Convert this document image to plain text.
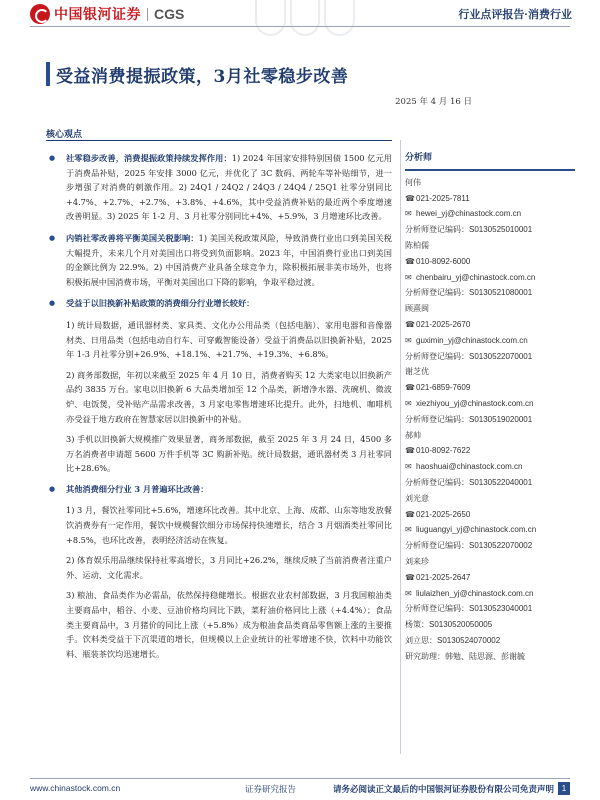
中国银河证券 CGS	行业点评报告·消费行业
受益消费提振政策，3月社零稳步改善
2025 年 4 月 16 日
核心观点
● 社零稳步改善，消费提振政策持续发挥作用：1) 2024 年国家安排特别国债 1500 亿元用于消费品补贴，2025 年安排 3000 亿元，并优化了 3C 数码、两轮车等补贴细节，进一步增强了对消费的刺激作用。2) 24Q1 / 24Q2 / 24Q3 / 24Q4 / 25Q1 社零分别同比+4.7%、+2.7%、+2.7%、+3.8%、+4.6%，其中受益消费补贴的最近两个季度增速改善明显。3) 2025 年 1-2 月、3 月社零分别同比+4%、+5.9%，3 月增速环比改善。
● 内销社零改善将平衡美国关税影响：1) 美国关税政策风险，导致消费行业出口到美国关税大幅提升，未来几个月对美国出口将受到负面影响。2023 年，中国消费行业出口到美国的金额比例为 22.9%。2) 中国消费产业具备全球竞争力，除积极拓展非美市场外，也将积极拓展中国消费市场，平衡对美国出口下降的影响，争取平稳过渡。
● 受益于以旧换新补贴政策的消费细分行业增长较好：
1) 统计局数据，通讯器材类、家具类、文化办公用品类（包括电脑）、家用电器和音像器材类、日用品类（包括电动自行车、可穿戴智能设备）受益于消费品以旧换新补贴，2025 年 1-3 月社零分别+26.9%、+18.1%、+21.7%、+19.3%、+6.8%。
2) 商务部数据，年初以来截至 2025 年 4 月 10 日，消费者购买 12 大类家电以旧换新产品约 3835 万台。家电以旧换新 6 大品类增加至 12 个品类，新增净水器、洗碗机、微波炉、电饭煲，受补贴产品需求改善，3 月家电零售增速环比提升。此外，扫地机、咖啡机亦受益于地方政府在智慧家居以旧换新中的补贴。
3) 手机以旧换新大规模推广效果显著，商务部数据，截至 2025 年 3 月 24 日，4500 多万名消费者申请超 5600 万件手机等 3C 购新补贴。统计局数据，通讯器材类 3 月社零同比+28.6%。
● 其他消费细分行业 3 月普遍环比改善：
1) 3 月，餐饮社零同比+5.6%，增速环比改善。其中北京、上海、成都、山东等地发放餐饮消费券有一定作用，餐饮中规模餐饮细分市场保持快速增长，结合 3 月烟酒类社零同比+8.5%，也环比改善，表明经济活动在恢复。
2) 体育娱乐用品继续保持社零高增长，3 月同比+26.2%，继续反映了当前消费者注重户外、运动、文化需求。
3) 粮油、食品类作为必需品，依然保持稳健增长。根据农业农村部数据，3 月我国粮油类主要商品中，稻谷、小麦、豆油价格均同比下跌，菜籽油价格同比上涨（+4.4%）；食品类主要商品中，3 月猪价的同比上涨（+5.8%）成为粮油食品类商品零售额上涨的主要推手。饮料类受益于下沉渠道的增长，但规模以上企业统计的社零增速不快，饮料中功能饮料、瓶装茶饮均迅速增长。
分析师
何伟
☎021-2025-7811
✉ hewei_yj@chinastock.com.cn
分析师登记编码：S0130525010001
陈柏儒
☎010-8092-6000
✉ chenbairu_yj@chinastock.com.cn
分析师登记编码：S0130521080001
顾熹闽
☎021-2025-2670
✉ guximin_yj@chinastock.com.cn
分析师登记编码：S0130522070001
谢芝优
☎021-6859-7609
✉ xiezhiyou_yj@chinastock.com.cn
分析师登记编码：S0130519020001
郝帅
☎010-8092-7622
✉ haoshuai@chinastock.com.cn
分析师登记编码：S0130522040001
刘光意
☎021-2025-2650
✉ liuguangyi_yj@chinastock.com.cn
分析师登记编码：S0130522070002
刘来珍
☎021-2025-2647
✉ liulaizhen_yj@chinastock.com.cn
分析师登记编码：S0130523040001
杨策：S0130520050005
刘立思：S0130524070002
研究助理：韩勉、陆思源、彭谢毓
www.chinastock.com.cn	证券研究报告	请务必阅读正文最后的中国银河证券股份有限公司免责声明 1
